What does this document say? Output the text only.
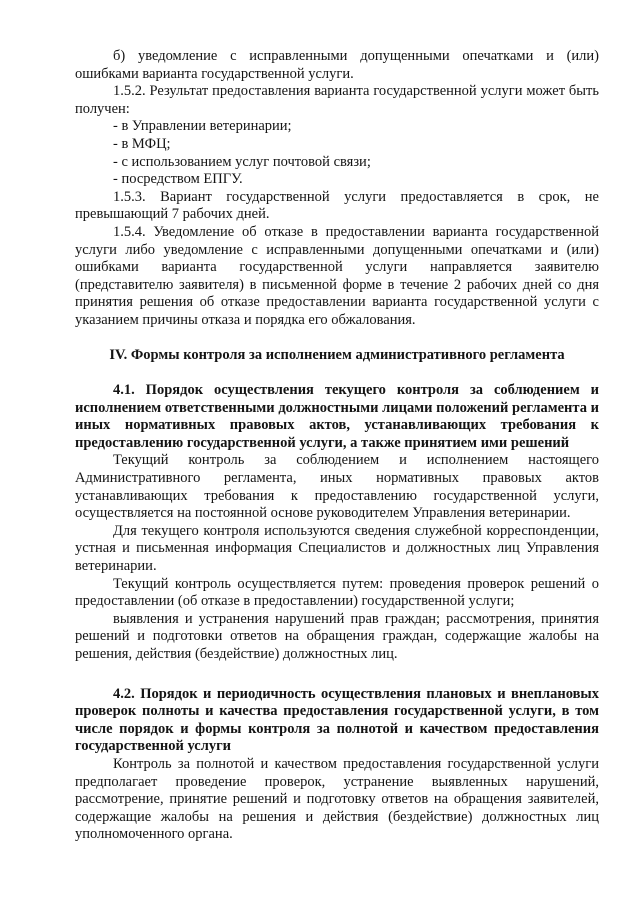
б) уведомление с исправленными допущенными опечатками и (или) ошибками варианта государственной услуги.

1.5.2. Результат предоставления варианта государственной услуги может быть получен:

- в Управлении ветеринарии;

- в МФЦ;

- с использованием услуг почтовой связи;

- посредством ЕПГУ.

1.5.3. Вариант государственной услуги предоставляется в срок, не превышающий 7 рабочих дней.

1.5.4. Уведомление об отказе в предоставлении варианта государственной услуги либо уведомление с исправленными допущенными опечатками и (или) ошибками варианта государственной услуги направляется заявителю (представителю заявителя) в письменной форме в течение 2 рабочих дней со дня принятия решения об отказе предоставлении варианта государственной услуги с указанием причины отказа и порядка его обжалования.

IV. Формы контроля за исполнением административного регламента

4.1. Порядок осуществления текущего контроля за соблюдением и исполнением ответственными должностными лицами положений регламента и иных нормативных правовых актов, устанавливающих требования к предоставлению государственной услуги, а также принятием ими решений

Текущий контроль за соблюдением и исполнением настоящего Административного регламента, иных нормативных правовых актов устанавливающих требования к предоставлению государственной услуги, осуществляется на постоянной основе руководителем Управления ветеринарии.

Для текущего контроля используются сведения служебной корреспонденции, устная и письменная информация Специалистов и должностных лиц Управления ветеринарии.

Текущий контроль осуществляется путем: проведения проверок решений о предоставлении (об отказе в предоставлении) государственной услуги;

выявления и устранения нарушений прав граждан; рассмотрения, принятия решений и подготовки ответов на обращения граждан, содержащие жалобы на решения, действия (бездействие) должностных лиц.

4.2. Порядок и периодичность осуществления плановых и внеплановых проверок полноты и качества предоставления государственной услуги, в том числе порядок и формы контроля за полнотой и качеством предоставления государственной услуги

Контроль за полнотой и качеством предоставления государственной услуги предполагает проведение проверок, устранение выявленных нарушений, рассмотрение, принятие решений и подготовку ответов на обращения заявителей, содержащие жалобы на решения и действия (бездействие) должностных лиц уполномоченного органа.
